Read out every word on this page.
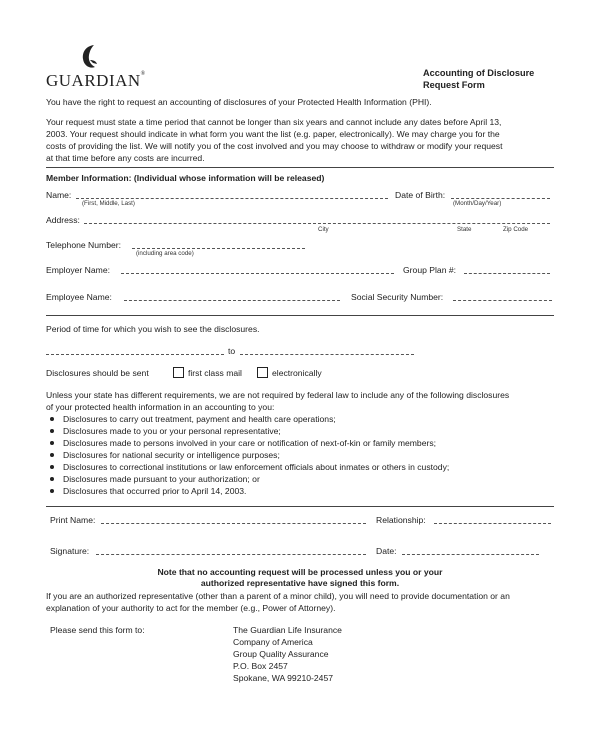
GUARDIAN®	Accounting of Disclosure
Request Form
You have the right to request an accounting of disclosures of your Protected Health Information (PHI).
Your request must state a time period that cannot be longer than six years and cannot include any dates before April 13,
2003. Your request should indicate in what form you want the list (e.g. paper, electronically). We may charge you for the
costs of providing the list. We will notify you of the cost involved and you may choose to withdraw or modify your request
at that time before any costs are incurred.
Member Information: (Individual whose information will be released)
Name:
(First, Middle, Last)
Date of Birth:
(Month/Day/Year)
Address:
City	State	Zip Code
Telephone Number:
(including area code)
Employer Name:	Group Plan #:
Employee Name:	Social Security Number:
Period of time for which you wish to see the disclosures.
to
Disclosures should be sent	first class mail	electronically
Unless your state has different requirements, we are not required by federal law to include any of the following disclosures
of your protected health information in an accounting to you:
Disclosures to carry out treatment, payment and health care operations;
Disclosures made to you or your personal representative;
Disclosures made to persons involved in your care or notification of next-of-kin or family members;
Disclosures for national security or intelligence purposes;
Disclosures to correctional institutions or law enforcement officials about inmates or others in custody;
Disclosures made pursuant to your authorization; or
Disclosures that occurred prior to April 14, 2003.
Print Name:	Relationship:
Signature:	Date:
Note that no accounting request will be processed unless you or your
authorized representative have signed this form.
If you are an authorized representative (other than a parent of a minor child), you will need to provide documentation or an
explanation of your authority to act for the member (e.g., Power of Attorney).
Please send this form to:	The Guardian Life Insurance
Company of America
Group Quality Assurance
P.O. Box 2457
Spokane, WA 99210-2457
